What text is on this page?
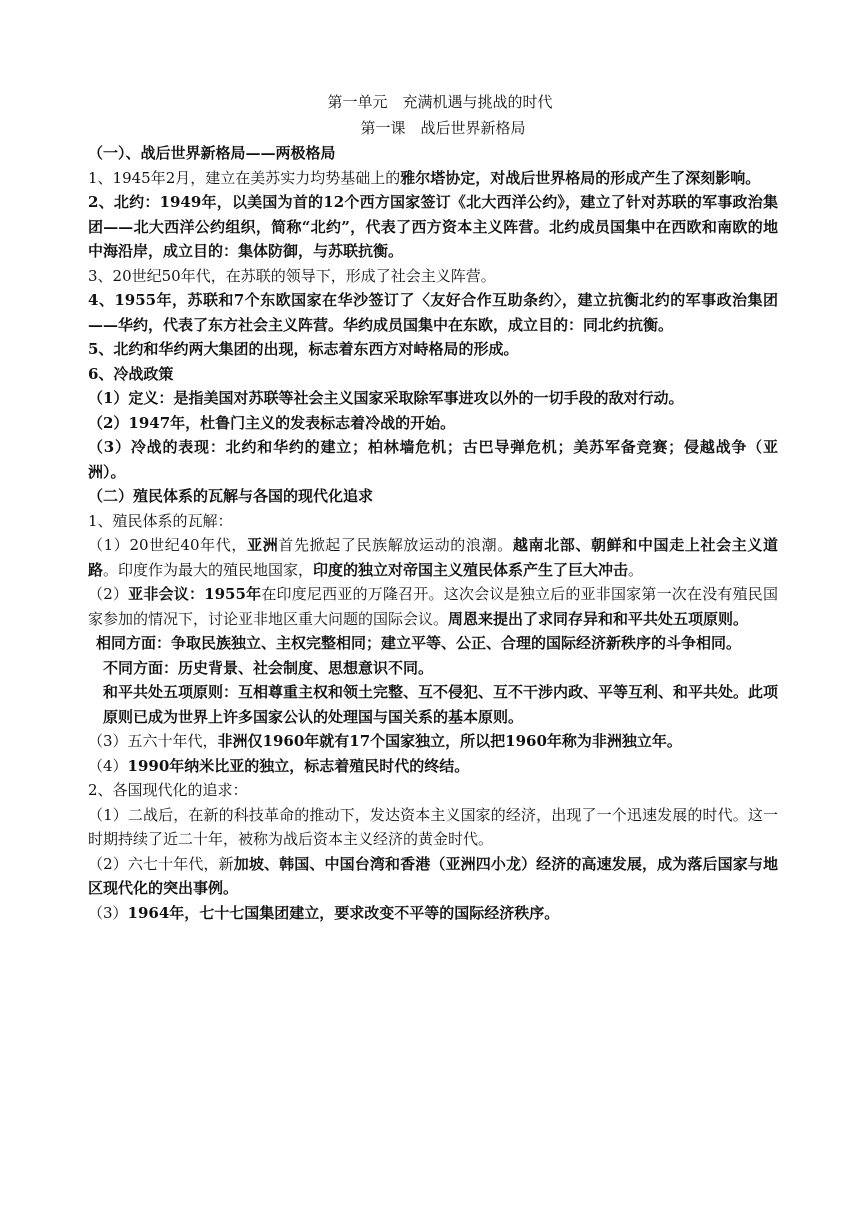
第一单元　充满机遇与挑战的时代

第一课　战后世界新格局

（一）、战后世界新格局——两极格局

1、1945年2月，建立在美苏实力均势基础上的雅尔塔协定，对战后世界格局的形成产生了深刻影响。

2、北约：1949年，以美国为首的12个西方国家签订《北大西洋公约》，建立了针对苏联的军事政治集团——北大西洋公约组织，简称“北约”，代表了西方资本主义阵营。北约成员国集中在西欧和南欧的地中海沿岸，成立目的：集体防御，与苏联抗衡。

3、20世纪50年代，在苏联的领导下，形成了社会主义阵营。

4、1955年，苏联和7个东欧国家在华沙签订了〈友好合作互助条约〉，建立抗衡北约的军事政治集团——华约，代表了东方社会主义阵营。华约成员国集中在东欧，成立目的：同北约抗衡。

5、北约和华约两大集团的出现，标志着东西方对峙格局的形成。

6、冷战政策

（1）定义：是指美国对苏联等社会主义国家采取除军事进攻以外的一切手段的敌对行动。

（2）1947年，杜鲁门主义的发表标志着冷战的开始。

（3）冷战的表现：北约和华约的建立；柏林墙危机；古巴导弹危机；美苏军备竞赛；侵越战争（亚洲）。

（二）殖民体系的瓦解与各国的现代化追求

1、殖民体系的瓦解：

（1）20世纪40年代，亚洲首先掀起了民族解放运动的浪潮。越南北部、朝鲜和中国走上社会主义道路。印度作为最大的殖民地国家，印度的独立对帝国主义殖民体系产生了巨大冲击。

（2）亚非会议：1955年在印度尼西亚的万隆召开。这次会议是独立后的亚非国家第一次在没有殖民国家参加的情况下，讨论亚非地区重大问题的国际会议。周恩来提出了求同存异和和平共处五项原则。

相同方面：争取民族独立、主权完整相同；建立平等、公正、合理的国际经济新秩序的斗争相同。

不同方面：历史背景、社会制度、思想意识不同。

和平共处五项原则：互相尊重主权和领土完整、互不侵犯、互不干涉内政、平等互利、和平共处。此项原则已成为世界上许多国家公认的处理国与国关系的基本原则。

（3）五六十年代，非洲仅1960年就有17个国家独立，所以把1960年称为非洲独立年。

（4）1990年纳米比亚的独立，标志着殖民时代的终结。

2、各国现代化的追求：

（1）二战后，在新的科技革命的推动下，发达资本主义国家的经济，出现了一个迅速发展的时代。这一时期持续了近二十年，被称为战后资本主义经济的黄金时代。

（2）六七十年代，新加坡、韩国、中国台湾和香港（亚洲四小龙）经济的高速发展，成为落后国家与地区现代化的突出事例。

（3）1964年，七十七国集团建立，要求改变不平等的国际经济秩序。
